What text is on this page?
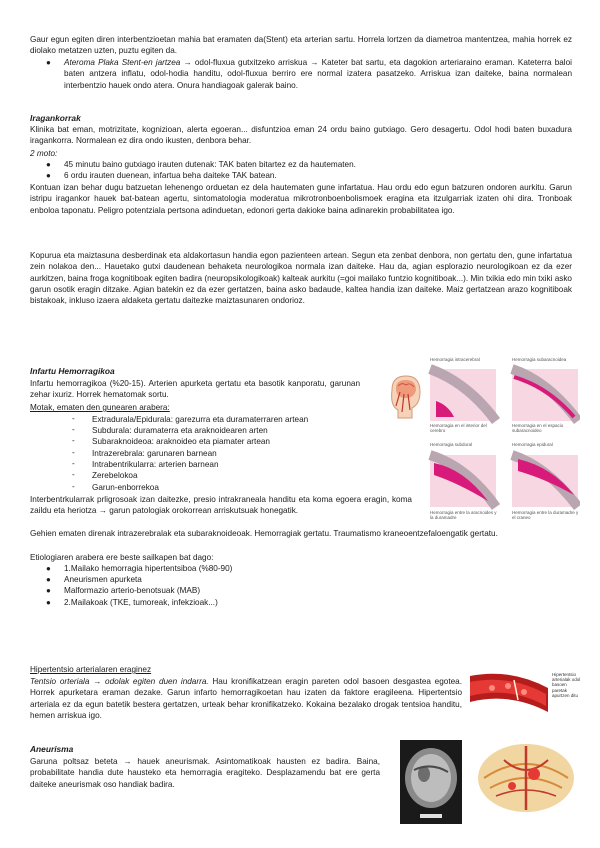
Gaur egun egiten diren interbentzioetan mahia bat eramaten da(Stent) eta arterian sartu. Horrela lortzen da diametroa mantentzea, mahia horrek ez diolako metatzen uzten, puztu egiten da.

● Ateroma Plaka Stent-en jartzea → odol-fluxua gutxitzeko arriskua → Kateter bat sartu, eta dagokion arteriaraino eraman. Kateterra baloi baten antzera inflatu, odol-hodia handitu, odol-fluxua berriro ere normal izatera pasatzeko. Arriskua izan daiteke, baina normalean interbentzio hauek ondo atera. Onura handiagoak galerak baino.

Iragankorrak

Klinika bat eman, motrizitate, kognizioan, alerta egoeran... disfuntzioa eman 24 ordu baino gutxiago. Gero desagertu. Odol hodi baten buxadura iragankorra. Normalean ez dira ondo ikusten, denbora behar.

2 moto:

● 45 minutu baino gutxiago irauten dutenak: TAK baten bitartez ez da hautematen.

● 6 ordu irauten duenean, infartua beha daiteke TAK batean.

Kontuan izan behar dugu batzuetan lehenengo orduetan ez dela hautematen gune infartatua. Hau ordu edo egun batzuren ondoren aurkitu. Garun istripu iragankor hauek bat-batean agertu, sintomatologia moderatua mikrotronboenbolismoek eragina eta itzulgarriak izaten ohi dira. Tronboak enboloa taponatu. Peligro potentziala pertsona adinduetan, edonori gerta dakioke baina adinarekin probabilitatea igo.

Kopurua eta maiztasuna desberdinak eta aldakortasun handia egon pazienteen artean. Segun eta zenbat denbora, non gertatu den, gune infartatua zein nolakoa den... Hauetako gutxi daudenean behaketa neurologikoa normala izan daiteke. Hau da, agian esplorazio neurologikoan ez da ezer aurkitzen, baina froga kognitiboak egiten badira (neuropsikologikoak) kalteak aurkitu (=goi mailako funtzio kognitiboak...). Min txikia edo min txiki asko garun osotik eragin ditzake. Agian batekin ez da ezer gertatzen, baina asko badaude, kaltea handia izan daiteke. Maiz gertatzean arazo kognitiboak bistakoak, inkluso izaera aldaketa gertatu daitezke maiztasunaren ondorioz.

Infartu Hemorragikoa

Infartu hemorragikoa (%20-15). Arterien apurketa gertatu eta basotik kanporatu, garunan zehar ixuriz. Horrek hematomak sortu.

Motak, ematen den gunearen arabera:

- Extradurala/Epidurala: garezurra eta duramaterraren artean

- Subdurala: duramaterra eta araknoidearen arten

- Subaraknoideoa: araknoideo eta piamater artean

- Intrazerebrala: garunaren barnean

- Intrabentrikularra: arterien barnean

- Zerebelokoa

- Garun-enborrekoa

Interbentrkularrak prligrosoak izan daitezke, presio intrakraneala handitu eta koma egoera eragin, koma zaildu eta heriotza → garun patologiak orokorrean arriskutsuak honegatik.

Gehien ematen direnak intrazerebralak eta subaraknoideoak. Hemorragiak gertatu. Traumatismo kraneoentzefaloengatik gertatu.

Etiologiaren arabera ere beste sailkapen bat dago:

● 1.Mailako hemorragia hipertentsiboa (%80-90)

● Aneurismen apurketa

● Malformazio arterio-benotsuak (MAB)

● 2.Mailakoak (TKE, tumoreak, infekzioak...)

Hipertentsio arterialaren eraginez

Tentsio orteriala → odolak egiten duen indarra. Hau kronifikatzean eragin pareten odol basoen desgastea egotea. Horrek apurketara eraman dezake. Garun infarto hemorragikoetan hau izaten da faktore eragileena. Hipertentsio arteriala ez da egun batetik bestera gertatzen, urteak behar kronifikatzeko. Kokaina bezalako drogak tentsioa handitu, hemen arriskua igo.

Aneurisma

Garuna poltsaz beteta → hauek aneurismak. Asintomatikoak hausten ez badira. Baina, probabilitate handia dute hausteko eta hemorragia eragiteko. Desplazamendu bat ere gerta daiteke aneurismak oso handiak badira.

Hemorragia intracerebral	Hemorragia subaracnoidea
Hemorragia en el interior del cerebro
Hemorragia en el espacio subaracnoideo
Hemorragia subdural	Hemorragia epidural
Hemorragia entre la aracnoides y la duramadre
Hemorragia entre la duramadre y el craneo
Hipertentsio arterialak odol basoen paretak apurtzen ditu
